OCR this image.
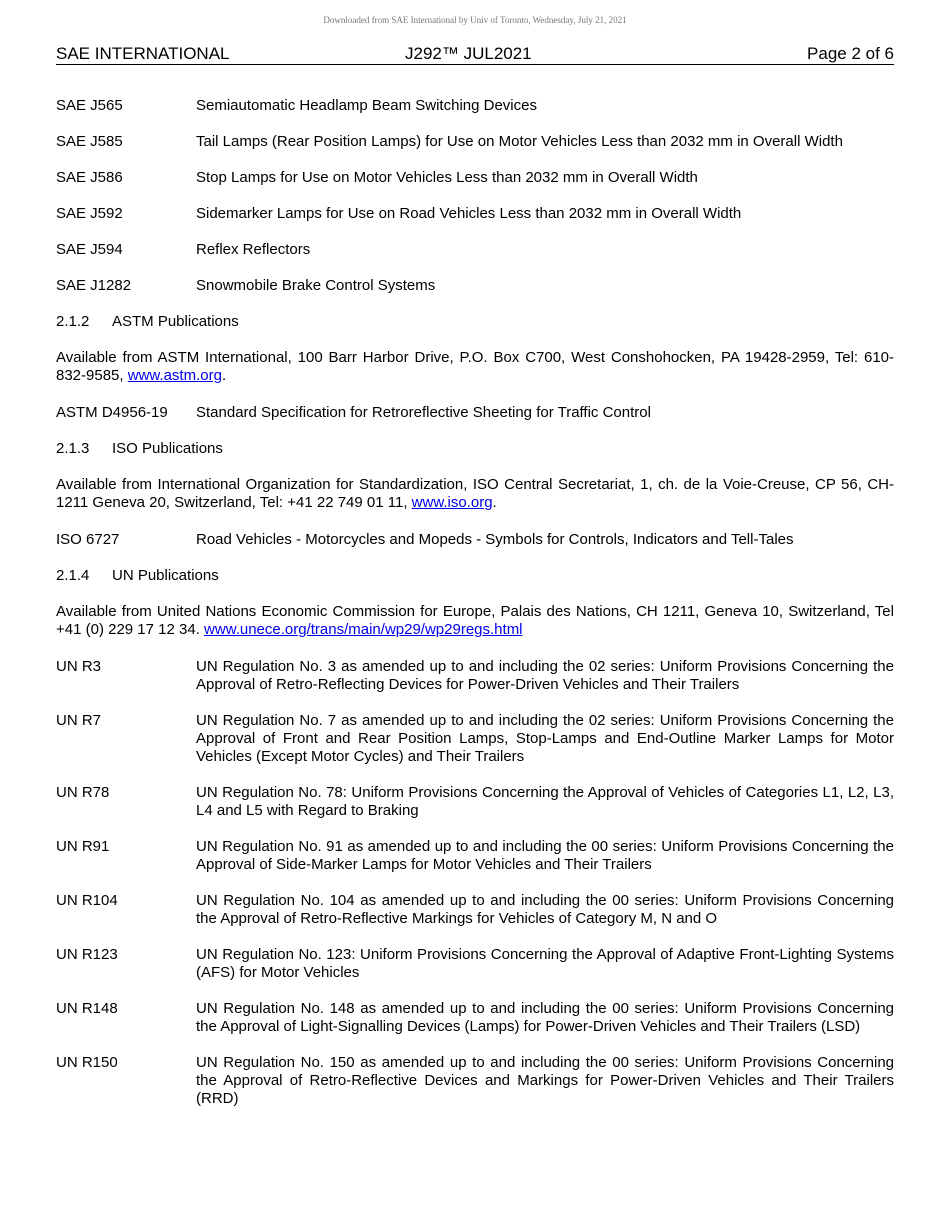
Downloaded from SAE International by Univ of Toronto, Wednesday, July 21, 2021
SAE INTERNATIONAL	J292™ JUL2021	Page 2 of 6
SAE J565	Semiautomatic Headlamp Beam Switching Devices
SAE J585	Tail Lamps (Rear Position Lamps) for Use on Motor Vehicles Less than 2032 mm in Overall Width
SAE J586	Stop Lamps for Use on Motor Vehicles Less than 2032 mm in Overall Width
SAE J592	Sidemarker Lamps for Use on Road Vehicles Less than 2032 mm in Overall Width
SAE J594	Reflex Reflectors
SAE J1282	Snowmobile Brake Control Systems
2.1.2 ASTM Publications
Available from ASTM International, 100 Barr Harbor Drive, P.O. Box C700, West Conshohocken, PA 19428-2959, Tel: 610-832-9585, www.astm.org.
ASTM D4956-19	Standard Specification for Retroreflective Sheeting for Traffic Control
2.1.3 ISO Publications
Available from International Organization for Standardization, ISO Central Secretariat, 1, ch. de la Voie-Creuse, CP 56, CH-1211 Geneva 20, Switzerland, Tel: +41 22 749 01 11, www.iso.org.
ISO 6727	Road Vehicles - Motorcycles and Mopeds - Symbols for Controls, Indicators and Tell-Tales
2.1.4 UN Publications
Available from United Nations Economic Commission for Europe, Palais des Nations, CH 1211, Geneva 10, Switzerland, Tel +41 (0) 229 17 12 34. www.unece.org/trans/main/wp29/wp29regs.html
UN R3	UN Regulation No. 3 as amended up to and including the 02 series: Uniform Provisions Concerning the Approval of Retro-Reflecting Devices for Power-Driven Vehicles and Their Trailers
UN R7	UN Regulation No. 7 as amended up to and including the 02 series: Uniform Provisions Concerning the Approval of Front and Rear Position Lamps, Stop-Lamps and End-Outline Marker Lamps for Motor Vehicles (Except Motor Cycles) and Their Trailers
UN R78	UN Regulation No. 78: Uniform Provisions Concerning the Approval of Vehicles of Categories L1, L2, L3, L4 and L5 with Regard to Braking
UN R91	UN Regulation No. 91 as amended up to and including the 00 series: Uniform Provisions Concerning the Approval of Side-Marker Lamps for Motor Vehicles and Their Trailers
UN R104	UN Regulation No. 104 as amended up to and including the 00 series: Uniform Provisions Concerning the Approval of Retro-Reflective Markings for Vehicles of Category M, N and O
UN R123	UN Regulation No. 123: Uniform Provisions Concerning the Approval of Adaptive Front-Lighting Systems (AFS) for Motor Vehicles
UN R148	UN Regulation No. 148 as amended up to and including the 00 series: Uniform Provisions Concerning the Approval of Light-Signalling Devices (Lamps) for Power-Driven Vehicles and Their Trailers (LSD)
UN R150	UN Regulation No. 150 as amended up to and including the 00 series: Uniform Provisions Concerning the Approval of Retro-Reflective Devices and Markings for Power-Driven Vehicles and Their Trailers (RRD)
